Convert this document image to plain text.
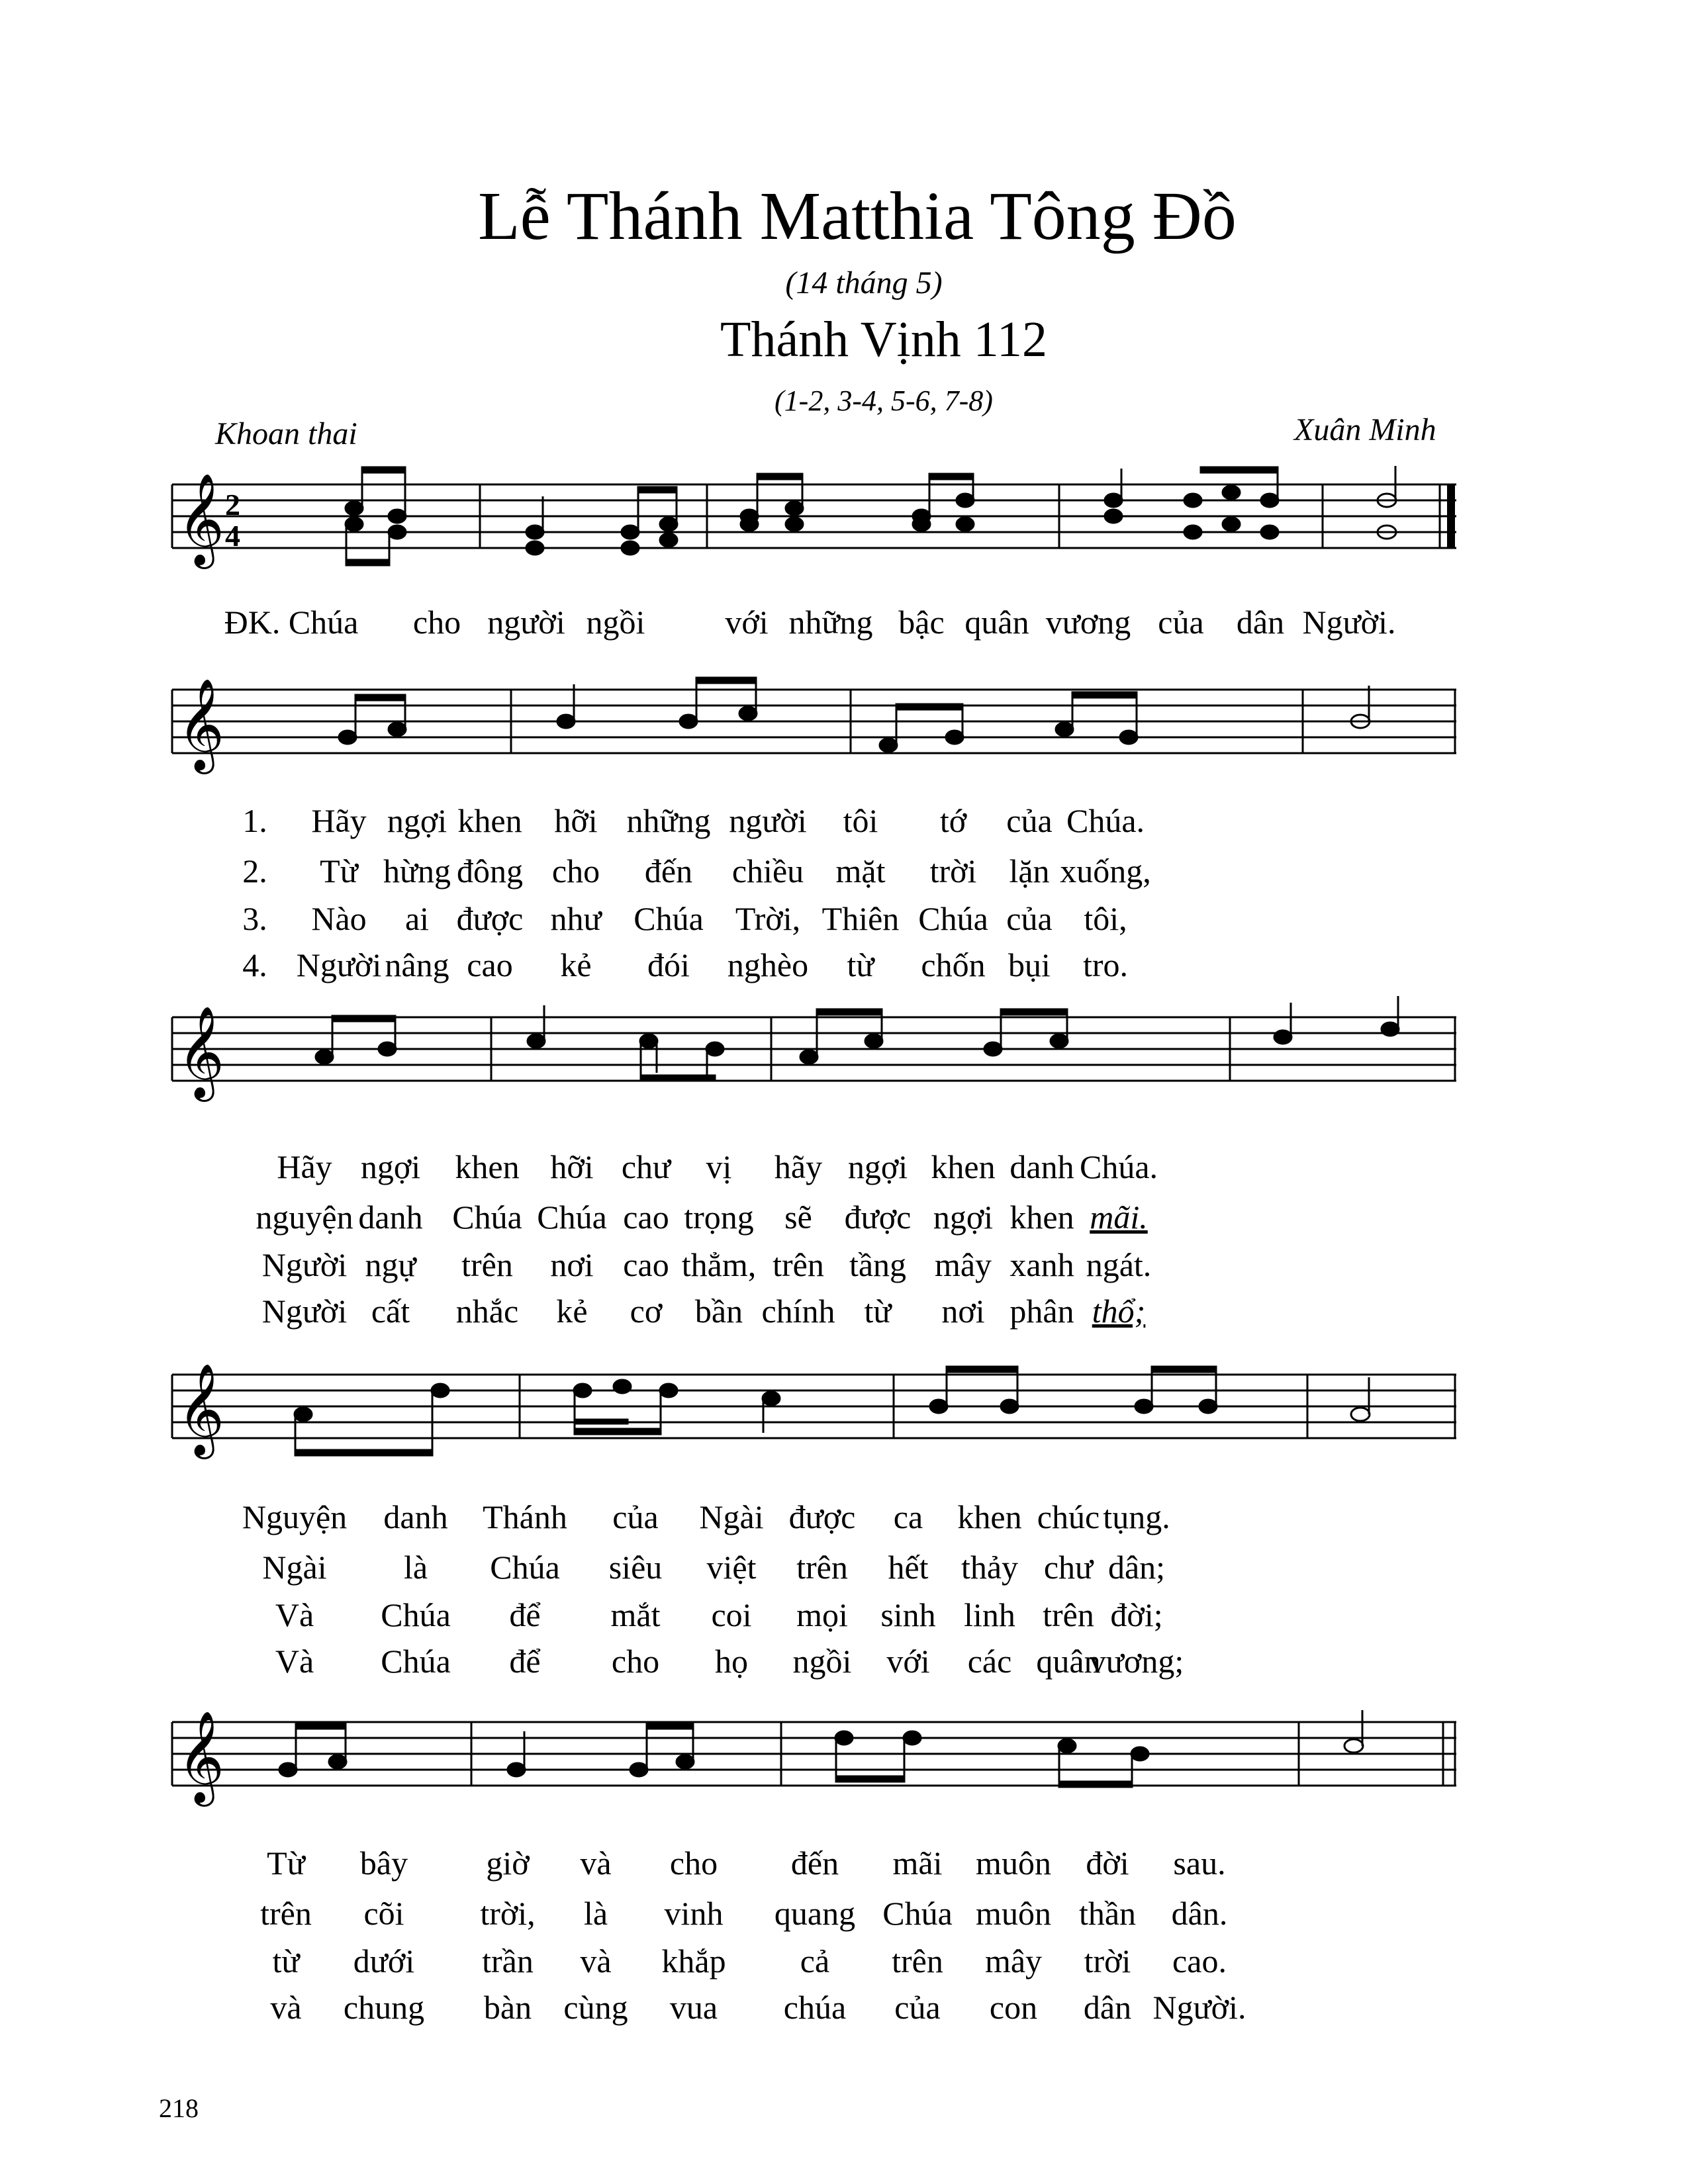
Lễ Thánh Matthia Tông Đồ
(14 tháng 5)
Thánh Vịnh 112
(1-2, 3-4, 5-6, 7-8)
Khoan thai	Xuân Minh
𝄞 2
4
ĐK. Chúa cho người ngồi với những bậc quân vương của dân Người.
𝄞
𝄞
𝄞
𝄞
1. Hãy ngợi khen hỡi những người tôi tớ của Chúa.
2. Từ hừng đông cho đến chiều mặt trời lặn xuống,
3. Nào ai được như Chúa Trời, Thiên Chúa của tôi,
4. Người nâng cao kẻ đói nghèo từ chốn bụi tro.
Hãy ngợi khen hỡi chư vị hãy ngợi khen danh Chúa.
nguyện danh Chúa Chúa cao trọng sẽ được ngợi khen mãi.
Người ngự trên nơi cao thẳm, trên tầng mây xanh ngát.
Người cất nhắc kẻ cơ bần chính từ nơi phân thổ;
Nguyện danh Thánh của Ngài được ca khen chúc tụng.
Ngài là Chúa siêu việt trên hết thảy chư dân;
Và Chúa để mắt coi mọi sinh linh trên đời;
Và Chúa để cho họ ngồi với các quân
vương;
Từ bây giờ và cho đến mãi muôn đời sau.
trên cõi trời, là vinh quang Chúa muôn thần dân.
từ dưới trần và khắp cả trên mây trời cao.
và chung bàn cùng vua chúa của con dân Người.
218
